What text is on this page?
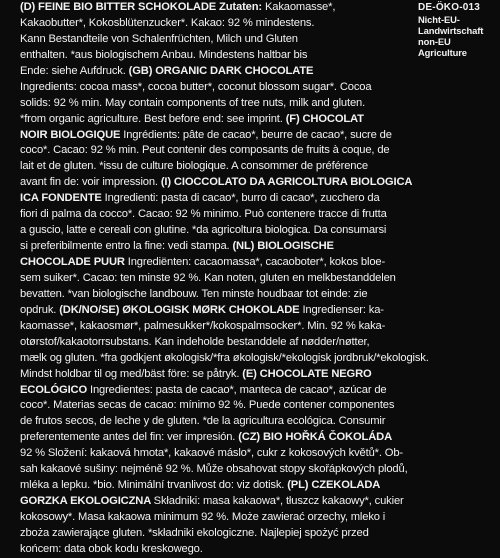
(D) FEINE BIO BITTER SCHOKOLADE Zutaten: Kakaomasse*,
Kakaobutter*, Kokosblütenzucker*. Kakao: 92 % mindestens.
Kann Bestandteile von Schalenfrüchten, Milch und Gluten
enthalten. *aus biologischem Anbau. Mindestens haltbar bis
Ende: siehe Aufdruck. (GB) ORGANIC DARK CHOCOLATE
Ingredients: cocoa mass*, cocoa butter*, coconut blossom sugar*. Cocoa
solids: 92 % min. May contain components of tree nuts, milk and gluten.
*from organic agriculture. Best before end: see imprint. (F) CHOCOLAT
NOIR BIOLOGIQUE Ingrédients: pâte de cacao*, beurre de cacao*, sucre de
coco*. Cacao: 92 % min. Peut contenir des composants de fruits à coque, de
lait et de gluten. *issu de culture biologique. A consommer de préférence
avant fin de: voir impression. (I) CIOCCOLATO DA AGRICOLTURA BIOLOGICA
ICA FONDENTE Ingredienti: pasta di cacao*, burro di cacao*, zucchero da
fiori di palma da cocco*. Cacao: 92 % minimo. Può contenere tracce di frutta
a guscio, latte e cereali con glutine. *da agricoltura biologica. Da consumarsi
si preferibilmente entro la fine: vedi stampa. (NL) BIOLOGISCHE
CHOCOLADE PUUR Ingrediënten: cacaomassa*, cacaoboter*, kokos bloe-
sem suiker*. Cacao: ten minste 92 %. Kan noten, gluten en melkbestanddelen
bevatten. *van biologische landbouw. Ten minste houdbaar tot einde: zie
opdruk. (DK/NO/SE) ØKOLOGISK MØRK CHOKOLADE Ingredienser: ka-
kaomasse*, kakaosmør*, palmesukker*/kokospalmsocker*. Min. 92 % kaka-
otørstof/kakaotorrsubstans. Kan indeholde bestanddele af nødder/nøtter,
mælk og gluten. *fra godkjent økologisk/*fra økologisk/*ekologisk jordbruk/*ekologisk.
Mindst holdbar til og med/bäst före: se påtryk. (E) CHOCOLATE NEGRO
ECOLÓGICO Ingredientes: pasta de cacao*, manteca de cacao*, azúcar de
coco*. Materias secas de cacao: mínimo 92 %. Puede contener componentes
de frutos secos, de leche y de gluten. *de la agricultura ecológica. Consumir
preferentemente antes del fin: ver impresión. (CZ) BIO HOŘKÁ ČOKOLÁDA
92 % Složení: kakaová hmota*, kakaové máslo*, cukr z kokosových květů*. Ob-
sah kakaové sušiny: nejméně 92 %. Může obsahovat stopy skořápkových plodů,
mléka a lepku. *bio. Minimální trvanlivost do: viz dotisk. (PL) CZEKOLADA
GORZKA EKOLOGICZNA Składniki: masa kakaowa*, tłuszcz kakaowy*, cukier
kokosowy*. Masa kakaowa minimum 92 %. Może zawierać orzechy, mleko i
zboża zawierające gluten. *składniki ekologiczne. Najlepiej spożyć przed
końcem: data obok kodu kreskowego.
DE-ÖKO-013
Nicht-EU-
Landwirtschaft
non-EU
Agriculture
